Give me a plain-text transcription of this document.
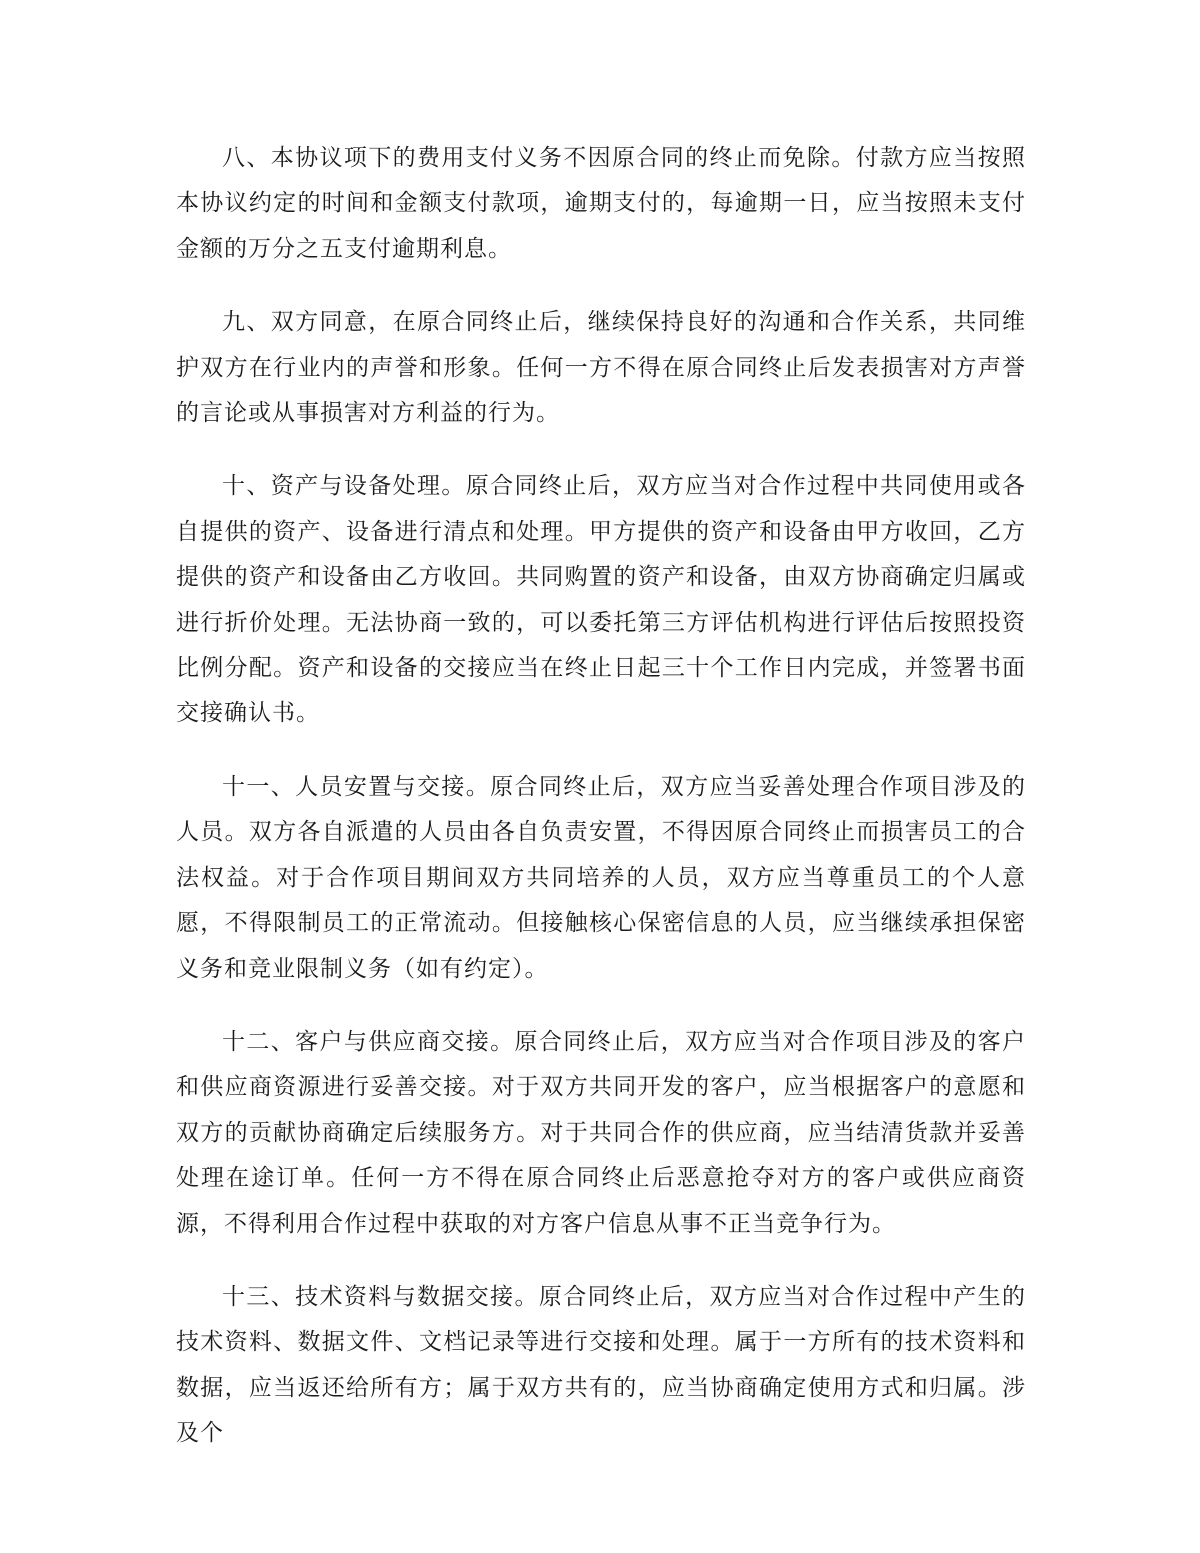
八、本协议项下的费用支付义务不因原合同的终止而免除。付款方应当按照本协议约定的时间和金额支付款项，逾期支付的，每逾期一日，应当按照未支付金额的万分之五支付逾期利息。

九、双方同意，在原合同终止后，继续保持良好的沟通和合作关系，共同维护双方在行业内的声誉和形象。任何一方不得在原合同终止后发表损害对方声誉的言论或从事损害对方利益的行为。

十、资产与设备处理。原合同终止后，双方应当对合作过程中共同使用或各自提供的资产、设备进行清点和处理。甲方提供的资产和设备由甲方收回，乙方提供的资产和设备由乙方收回。共同购置的资产和设备，由双方协商确定归属或进行折价处理。无法协商一致的，可以委托第三方评估机构进行评估后按照投资比例分配。资产和设备的交接应当在终止日起三十个工作日内完成，并签署书面交接确认书。

十一、人员安置与交接。原合同终止后，双方应当妥善处理合作项目涉及的人员。双方各自派遣的人员由各自负责安置，不得因原合同终止而损害员工的合法权益。对于合作项目期间双方共同培养的人员，双方应当尊重员工的个人意愿，不得限制员工的正常流动。但接触核心保密信息的人员，应当继续承担保密义务和竞业限制义务（如有约定）。

十二、客户与供应商交接。原合同终止后，双方应当对合作项目涉及的客户和供应商资源进行妥善交接。对于双方共同开发的客户，应当根据客户的意愿和双方的贡献协商确定后续服务方。对于共同合作的供应商，应当结清货款并妥善处理在途订单。任何一方不得在原合同终止后恶意抢夺对方的客户或供应商资源，不得利用合作过程中获取的对方客户信息从事不正当竞争行为。

十三、技术资料与数据交接。原合同终止后，双方应当对合作过程中产生的技术资料、数据文件、文档记录等进行交接和处理。属于一方所有的技术资料和数据，应当返还给所有方；属于双方共有的，应当协商确定使用方式和归属。涉及个
